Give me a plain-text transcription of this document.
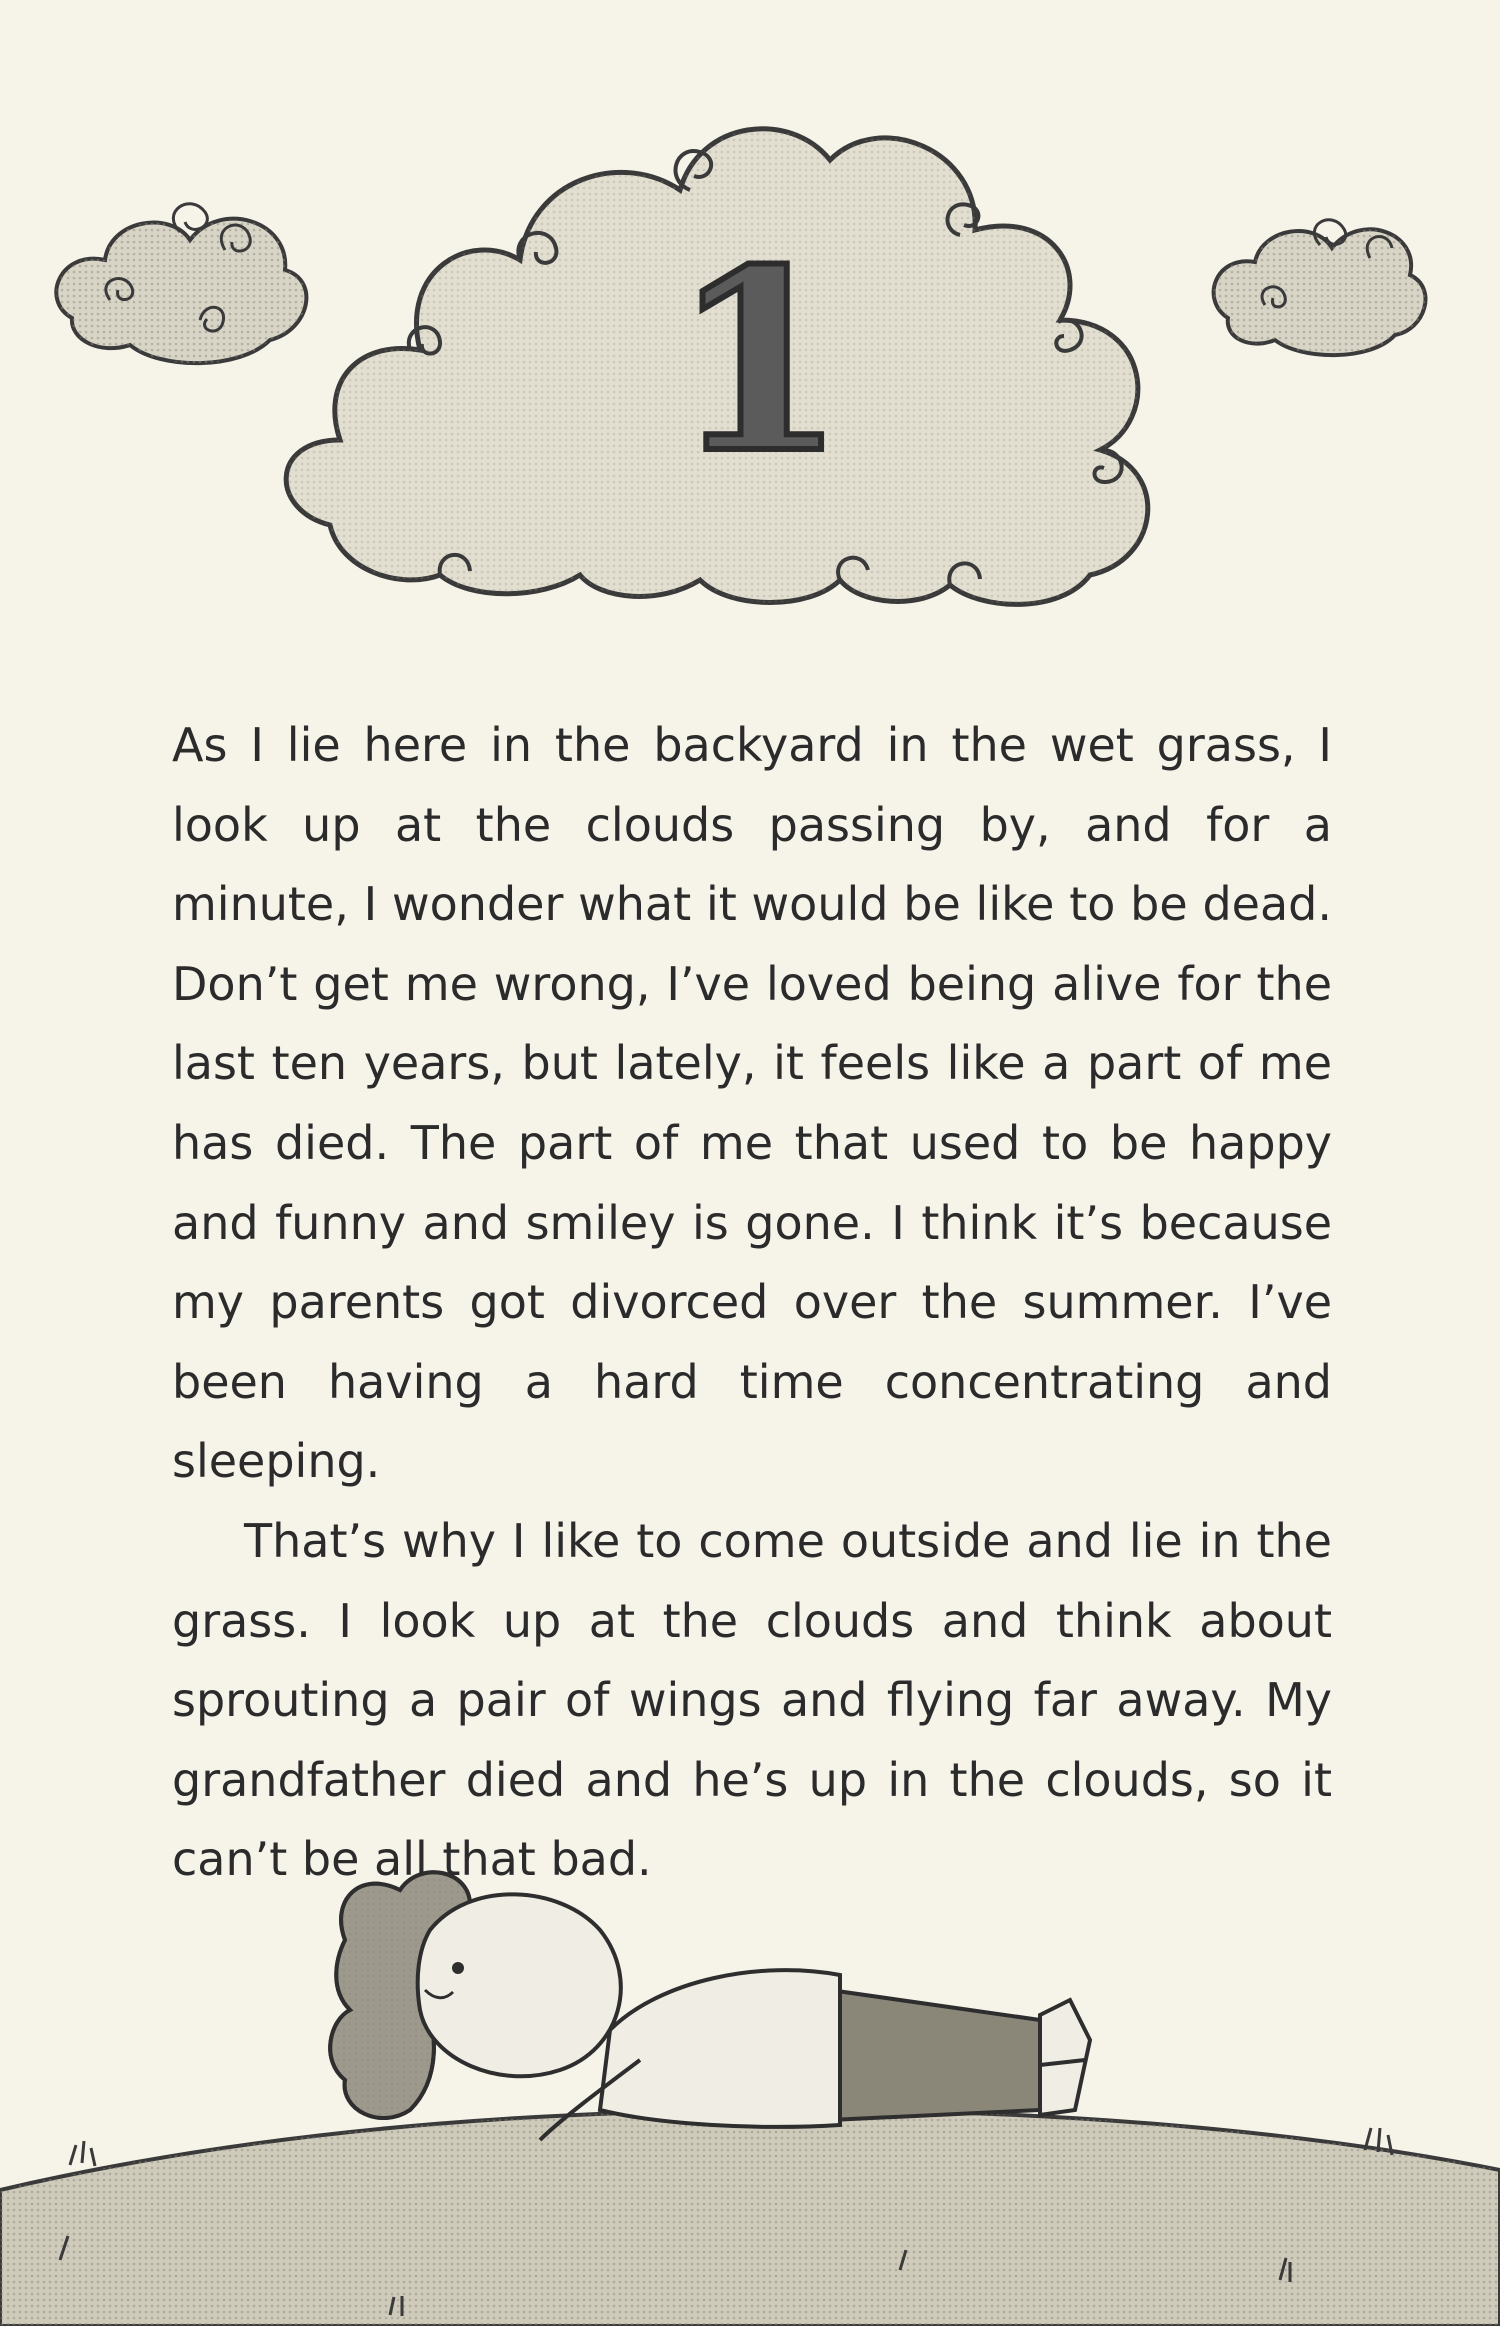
1

As I lie here in the backyard in the wet grass, I look up at the clouds passing by, and for a minute, I wonder what it would be like to be dead. Don’t get me wrong, I’ve loved being alive for the last ten years, but lately, it feels like a part of me has died. The part of me that used to be happy and funny and smiley is gone. I think it’s because my parents got divorced over the summer. I’ve been having a hard time concentrating and sleeping.

That’s why I like to come outside and lie in the grass. I look up at the clouds and think about sprouting a pair of wings and flying far away. My grandfather died and he’s up in the clouds, so it can’t be all that bad.
